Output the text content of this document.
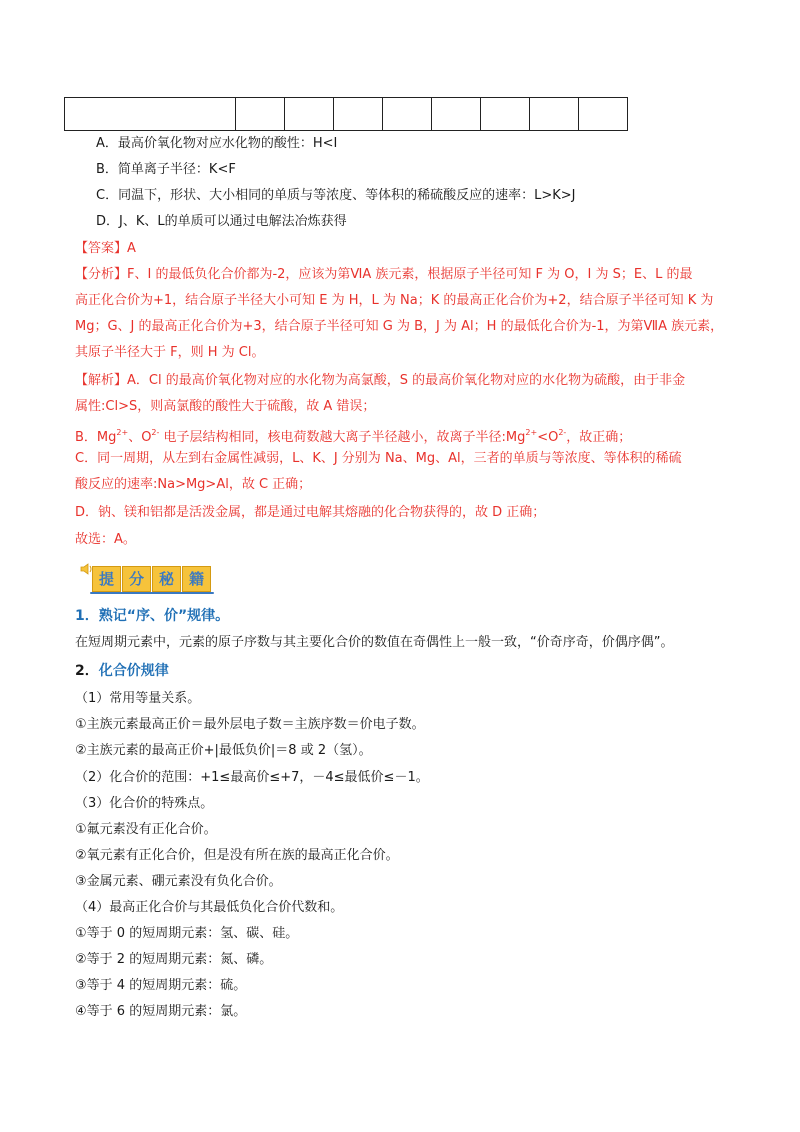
A．最高价氧化物对应水化物的酸性：H<I
B．简单离子半径：K<F
C．同温下，形状、大小相同的单质与等浓度、等体积的稀硫酸反应的速率：L>K>J
D．J、K、L的单质可以通过电解法冶炼获得
【答案】A
【分析】F、I 的最低负化合价都为-2，应该为第ⅥA 族元素，根据原子半径可知 F 为 O，I 为 S；E、L 的最
高正化合价为+1，结合原子半径大小可知 E 为 H，L 为 Na；K 的最高正化合价为+2，结合原子半径可知 K 为
Mg；G、J 的最高正化合价为+3，结合原子半径可知 G 为 B，J 为 Al；H 的最低化合价为-1，为第ⅦA 族元素，
其原子半径大于 F，则 H 为 Cl。
【解析】A．Cl 的最高价氧化物对应的水化物为高氯酸，S 的最高价氧化物对应的水化物为硫酸，由于非金
属性:Cl>S，则高氯酸的酸性大于硫酸，故 A 错误；
B．$Mg^{2+}$、$O^{2-}$ 电子层结构相同，核电荷数越大离子半径越小，故离子半径$:Mg^{2+}<O^{2-}$，故正确；
C．同一周期，从左到右金属性减弱，L、K、J 分别为 Na、Mg、Al，三者的单质与等浓度、等体积的稀硫
酸反应的速率:Na>Mg>Al，故 C 正确；
D．钠、镁和铝都是活泼金属，都是通过电解其熔融的化合物获得的，故 D 正确；
故选：A。
提 分 秘 籍
1．熟记“序、价”规律。
在短周期元素中，元素的原子序数与其主要化合价的数值在奇偶性上一般一致，“价奇序奇，价偶序偶”。
2．化合价规律
（1）常用等量关系。
①主族元素最高正价＝最外层电子数＝主族序数＝价电子数。
②主族元素的最高正价+|最低负价|＝8 或 2（氢）。
（2）化合价的范围：+1≤最高价≤+7，－4≤最低价≤－1。
（3）化合价的特殊点。
①氟元素没有正化合价。
②氧元素有正化合价，但是没有所在族的最高正化合价。
③金属元素、硼元素没有负化合价。
（4）最高正化合价与其最低负化合价代数和。
①等于 0 的短周期元素：氢、碳、硅。
②等于 2 的短周期元素：氮、磷。
③等于 4 的短周期元素：硫。
④等于 6 的短周期元素：氯。
